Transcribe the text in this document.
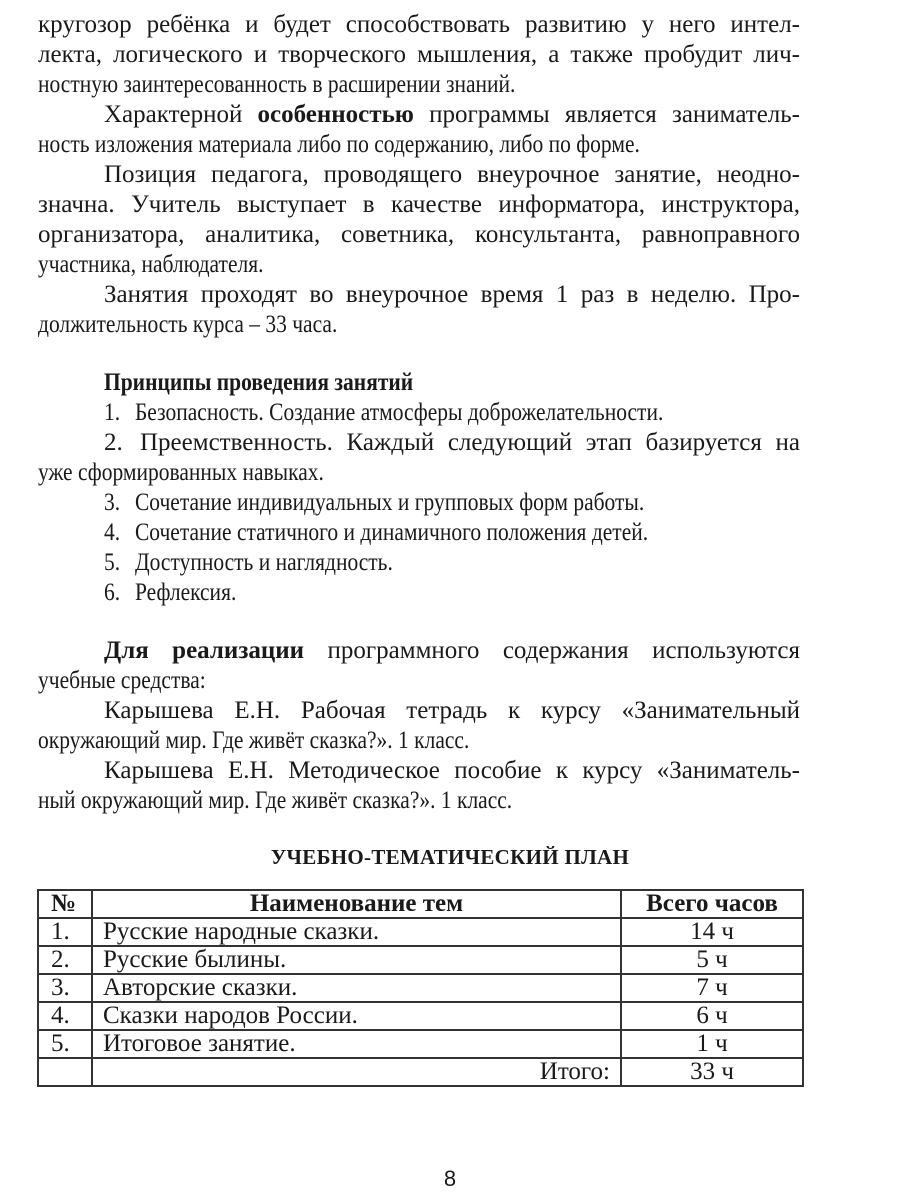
кругозор ребёнка и будет способствовать развитию у него интел-
лекта, логического и творческого мышления, а также пробудит лич-
ностную заинтересованность в расширении знаний.
Характерной особенностью программы является заниматель-
ность изложения материала либо по содержанию, либо по форме.
Позиция педагога, проводящего внеурочное занятие, неодно-
значна. Учитель выступает в качестве информатора, инструктора,
организатора, аналитика, советника, консультанта, равноправного
участника, наблюдателя.
Занятия проходят во внеурочное время 1 раз в неделю. Про-
должительность курса – 33 часа.
Принципы проведения занятий
1. Безопасность. Создание атмосферы доброжелательности.
2. Преемственность. Каждый следующий этап базируется на
уже сформированных навыках.
3. Сочетание индивидуальных и групповых форм работы.
4. Сочетание статичного и динамичного положения детей.
5. Доступность и наглядность.
6. Рефлексия.
Для реализации программного содержания используются
учебные средства:
Карышева Е.Н. Рабочая тетрадь к курсу «Занимательный
окружающий мир. Где живёт сказка?». 1 класс.
Карышева Е.Н. Методическое пособие к курсу «Заниматель-
ный окружающий мир. Где живёт сказка?». 1 класс.
УЧЕБНО-ТЕМАТИЧЕСКИЙ ПЛАН
№	Наименование тем	Всего часов
1.	Русские народные сказки.	14 ч
2.	Русские былины.	5 ч
3.	Авторские сказки.	7 ч
4.	Сказки народов России.	6 ч
5.	Итоговое занятие.	1 ч
	Итого:	33 ч
8
